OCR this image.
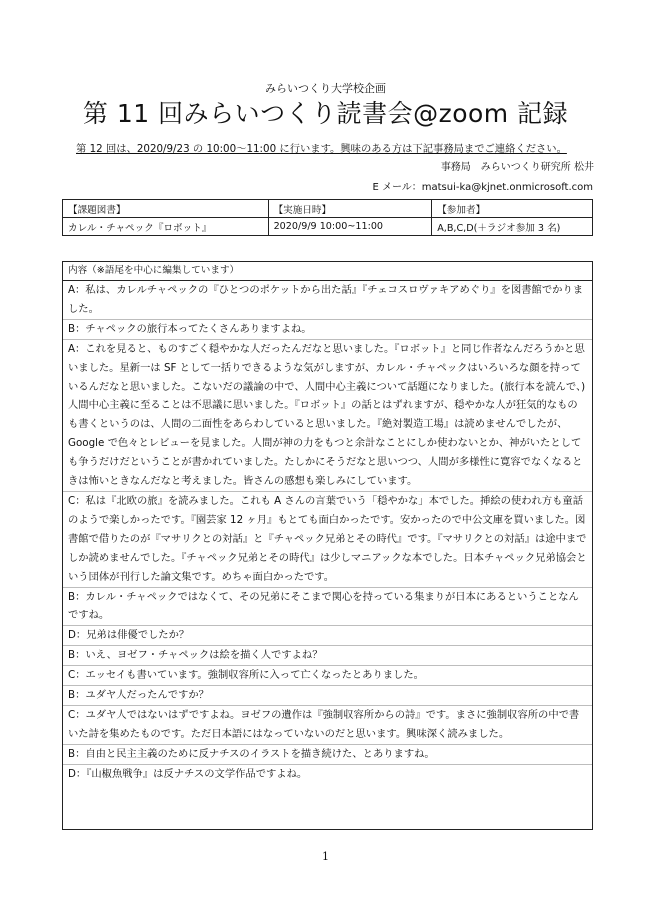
みらいつくり大学校企画
第 11 回みらいつくり読書会@zoom 記録
第 12 回は、2020/9/23 の 10:00〜11:00 に行います。興味のある方は下記事務局までご連絡ください。
事務局　みらいつくり研究所 松井
E メール：matsui-ka@kjnet.onmicrosoft.com
【課題図書】	【実施日時】	【参加者】
カレル・チャペック『ロボット』	2020/9/9 10:00~11:00	A,B,C,D(＋ラジオ参加 3 名)
内容（※語尾を中心に編集しています）
A：私は、カレルチャペックの『ひとつのポケットから出た話』『チェコスロヴァキアめぐり』を図書館でかりました。
B：チャペックの旅行本ってたくさんありますよね。
A：これを見ると、ものすごく穏やかな人だったんだなと思いました。『ロボット』と同じ作者なんだろうかと思いました。星新一は SF として一括りできるような気がしますが、カレル・チャペックはいろいろな顔を持っているんだなと思いました。こないだの議論の中で、人間中心主義について話題になりました。(旅行本を読んで、)人間中心主義に至ることは不思議に思いました。『ロボット』の話とはずれますが、穏やかな人が狂気的なものも書くというのは、人間の二面性をあらわしていると思いました。『絶対製造工場』は読めませんでしたが、Google で色々とレビューを見ました。人間が神の力をもつと余計なことにしか使わないとか、神がいたとしても争うだけだということが書かれていました。たしかにそうだなと思いつつ、人間が多様性に寛容でなくなるときは怖いときなんだなと考えました。皆さんの感想も楽しみにしています。
C：私は『北欧の旅』を読みました。これも A さんの言葉でいう「穏やかな」本でした。挿絵の使われ方も童話のようで楽しかったです。『園芸家 12 ヶ月』もとても面白かったです。安かったので中公文庫を買いました。図書館で借りたのが『マサリクとの対話』と『チャペック兄弟とその時代』です。『マサリクとの対話』は途中までしか読めませんでした。『チャペック兄弟とその時代』は少しマニアックな本でした。日本チャペック兄弟協会という団体が刊行した論文集です。めちゃ面白かったです。
B：カレル・チャペックではなくて、その兄弟にそこまで関心を持っている集まりが日本にあるということなんですね。
D：兄弟は俳優でしたか？
B：いえ、ヨゼフ・チャペックは絵を描く人ですよね？
C：エッセイも書いています。強制収容所に入って亡くなったとありました。
B：ユダヤ人だったんですか？
C：ユダヤ人ではないはずですよね。ヨゼフの遺作は『強制収容所からの詩』です。まさに強制収容所の中で書いた詩を集めたものです。ただ日本語にはなっていないのだと思います。興味深く読みました。
B：自由と民主主義のために反ナチスのイラストを描き続けた、とありますね。
D：『山椒魚戦争』は反ナチスの文学作品ですよね。
1
